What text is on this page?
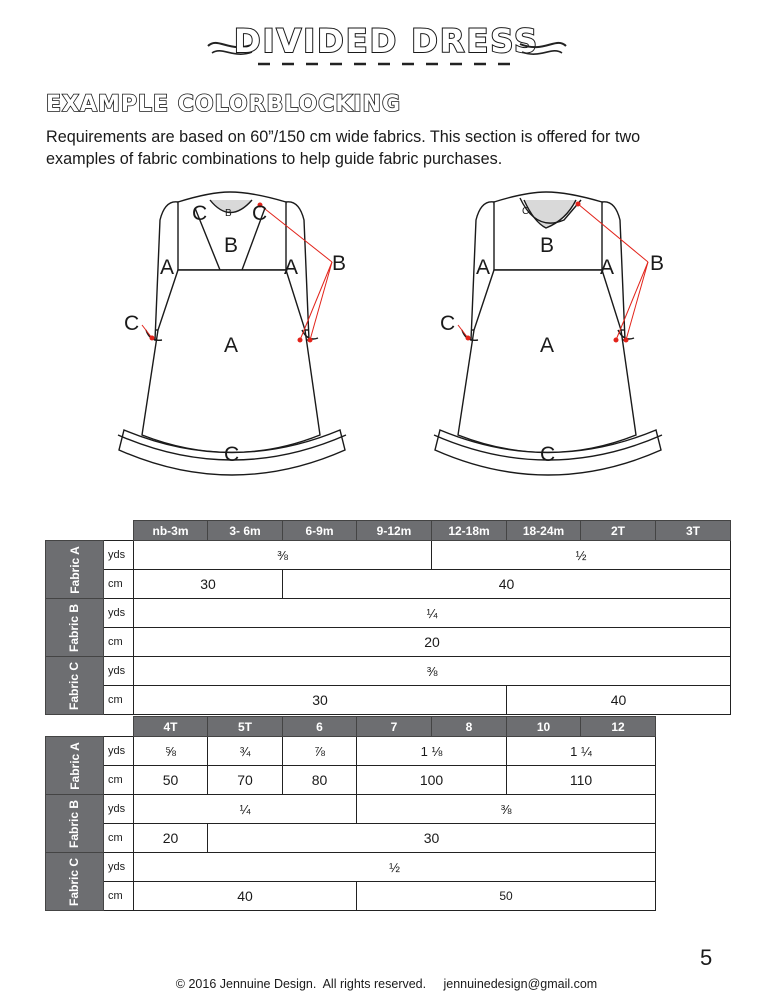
DIVIDED DRESS
EXAMPLE COLORBLOCKING

Requirements are based on 60”/150 cm wide fabrics. This section is offered for two
examples of fabric combinations to help guide fabric purchases.

C C
B
A	A B
C
A
C
B	C
B
A	A B
C
A
C
		nb-3m	3- 6m	6-9m	9-12m	12-18m	18-24m	2T	3T
Fabric A	yds	⅜				½			
	cm	30		40					
Fabric B	yds	¼							
	cm	20							
Fabric C	yds	⅜							
	cm	30					40		
		4T	5T	6	7	8	10	12
Fabric A	yds	⅝	¾	⅞	1 ⅛		1 ¼	
	cm	50	70	80	100		110	
Fabric B	yds	¼			⅜			
	cm	20	30					
Fabric C	yds	½						
	cm	40			50			
5
© 2016 Jennuine Design.  All rights reserved.     jennuinedesign@gmail.com
